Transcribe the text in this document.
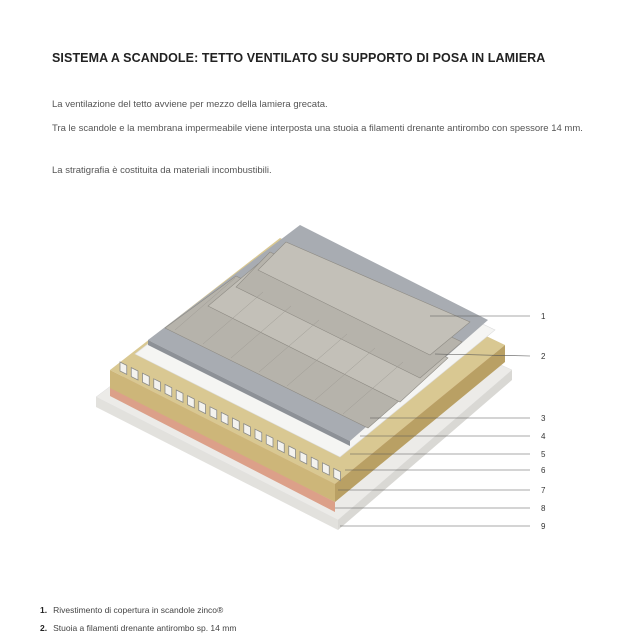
SISTEMA A SCANDOLE: TETTO VENTILATO SU SUPPORTO DI POSA IN LAMIERA
La ventilazione del tetto avviene per mezzo della lamiera grecata.
Tra le scandole e la membrana impermeabile viene interposta una stuoia a filamenti drenante antirombo con spessore 14 mm.
La stratigrafia è costituita da materiali incombustibili.
1
2
3
4
5
6
7
8
9
1. Rivestimento di copertura in scandole zinco®
2. Stuoia a filamenti drenante antirombo sp. 14 mm
